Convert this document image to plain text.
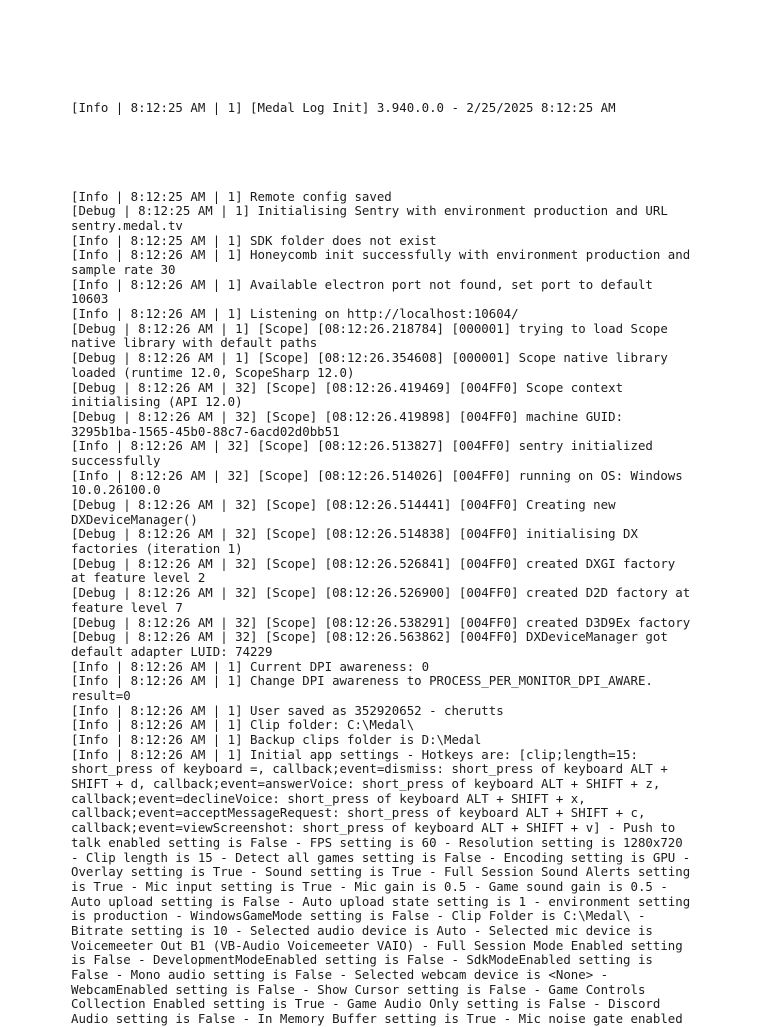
[Info | 8:12:25 AM | 1] [Medal Log Init] 3.940.0.0 - 2/25/2025 8:12:25 AM

[Info | 8:12:25 AM | 1] Remote config saved
[Debug | 8:12:25 AM | 1] Initialising Sentry with environment production and URL
sentry.medal.tv
[Info | 8:12:25 AM | 1] SDK folder does not exist
[Info | 8:12:26 AM | 1] Honeycomb init successfully with environment production and
sample rate 30
[Info | 8:12:26 AM | 1] Available electron port not found, set port to default
10603
[Info | 8:12:26 AM | 1] Listening on http://localhost:10604/
[Debug | 8:12:26 AM | 1] [Scope] [08:12:26.218784] [000001] trying to load Scope
native library with default paths
[Debug | 8:12:26 AM | 1] [Scope] [08:12:26.354608] [000001] Scope native library
loaded (runtime 12.0, ScopeSharp 12.0)
[Debug | 8:12:26 AM | 32] [Scope] [08:12:26.419469] [004FF0] Scope context
initialising (API 12.0)
[Debug | 8:12:26 AM | 32] [Scope] [08:12:26.419898] [004FF0] machine GUID:
3295b1ba-1565-45b0-88c7-6acd02d0bb51
[Info | 8:12:26 AM | 32] [Scope] [08:12:26.513827] [004FF0] sentry initialized
successfully
[Info | 8:12:26 AM | 32] [Scope] [08:12:26.514026] [004FF0] running on OS: Windows
10.0.26100.0
[Debug | 8:12:26 AM | 32] [Scope] [08:12:26.514441] [004FF0] Creating new
DXDeviceManager()
[Debug | 8:12:26 AM | 32] [Scope] [08:12:26.514838] [004FF0] initialising DX
factories (iteration 1)
[Debug | 8:12:26 AM | 32] [Scope] [08:12:26.526841] [004FF0] created DXGI factory
at feature level 2
[Debug | 8:12:26 AM | 32] [Scope] [08:12:26.526900] [004FF0] created D2D factory at
feature level 7
[Debug | 8:12:26 AM | 32] [Scope] [08:12:26.538291] [004FF0] created D3D9Ex factory
[Debug | 8:12:26 AM | 32] [Scope] [08:12:26.563862] [004FF0] DXDeviceManager got
default adapter LUID: 74229
[Info | 8:12:26 AM | 1] Current DPI awareness: 0
[Info | 8:12:26 AM | 1] Change DPI awareness to PROCESS_PER_MONITOR_DPI_AWARE.
result=0
[Info | 8:12:26 AM | 1] User saved as 352920652 - cherutts
[Info | 8:12:26 AM | 1] Clip folder: C:\Medal\
[Info | 8:12:26 AM | 1] Backup clips folder is D:\Medal
[Info | 8:12:26 AM | 1] Initial app settings - Hotkeys are: [clip;length=15:
short_press of keyboard =, callback;event=dismiss: short_press of keyboard ALT +
SHIFT + d, callback;event=answerVoice: short_press of keyboard ALT + SHIFT + z,
callback;event=declineVoice: short_press of keyboard ALT + SHIFT + x,
callback;event=acceptMessageRequest: short_press of keyboard ALT + SHIFT + c,
callback;event=viewScreenshot: short_press of keyboard ALT + SHIFT + v] - Push to
talk enabled setting is False - FPS setting is 60 - Resolution setting is 1280x720
- Clip length is 15 - Detect all games setting is False - Encoding setting is GPU -
Overlay setting is True - Sound setting is True - Full Session Sound Alerts setting
is True - Mic input setting is True - Mic gain is 0.5 - Game sound gain is 0.5 -
Auto upload setting is False - Auto upload state setting is 1 - environment setting
is production - WindowsGameMode setting is False - Clip Folder is C:\Medal\ -
Bitrate setting is 10 - Selected audio device is Auto - Selected mic device is
Voicemeeter Out B1 (VB-Audio Voicemeeter VAIO) - Full Session Mode Enabled setting
is False - DevelopmentModeEnabled setting is False - SdkModeEnabled setting is
False - Mono audio setting is False - Selected webcam device is <None> -
WebcamEnabled setting is False - Show Cursor setting is False - Game Controls
Collection Enabled setting is True - Game Audio Only setting is False - Discord
Audio setting is False - In Memory Buffer setting is True - Mic noise gate enabled
